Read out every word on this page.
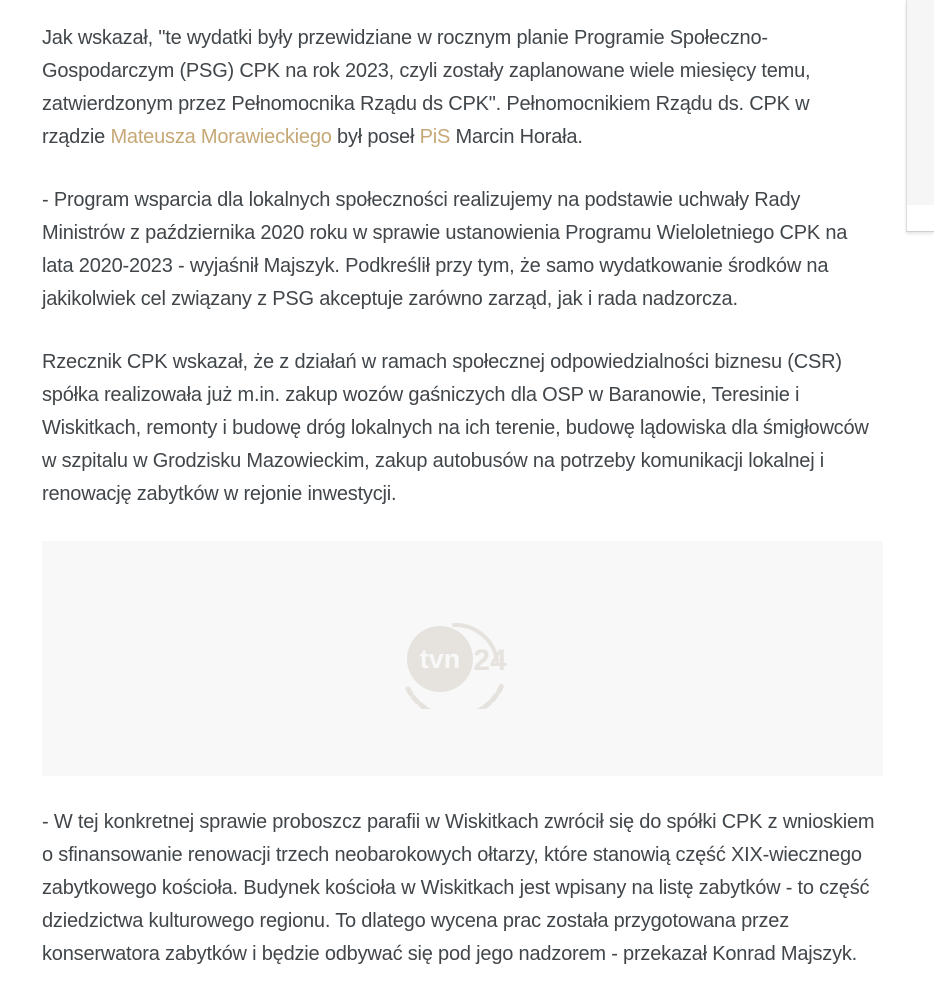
Jak wskazał, "te wydatki były przewidziane w rocznym planie Programie Społeczno-Gospodarczym (PSG) CPK na rok 2023, czyli zostały zaplanowane wiele miesięcy temu, zatwierdzonym przez Pełnomocnika Rządu ds CPK". Pełnomocnikiem Rządu ds. CPK w rządzie Mateusza Morawieckiego był poseł PiS Marcin Horała.

- Program wsparcia dla lokalnych społeczności realizujemy na podstawie uchwały Rady Ministrów z października 2020 roku w sprawie ustanowienia Programu Wieloletniego CPK na lata 2020-2023 - wyjaśnił Majszyk. Podkreślił przy tym, że samo wydatkowanie środków na jakikolwiek cel związany z PSG akceptuje zarówno zarząd, jak i rada nadzorcza.

Rzecznik CPK wskazał, że z działań w ramach społecznej odpowiedzialności biznesu (CSR) spółka realizowała już m.in. zakup wozów gaśniczych dla OSP w Baranowie, Teresinie i Wiskitkach, remonty i budowę dróg lokalnych na ich terenie, budowę lądowiska dla śmigłowców w szpitalu w Grodzisku Mazowieckim, zakup autobusów na potrzeby komunikacji lokalnej i renowację zabytków w rejonie inwestycji.

tvn 24

- W tej konkretnej sprawie proboszcz parafii w Wiskitkach zwrócił się do spółki CPK z wnioskiem o sfinansowanie renowacji trzech neobarokowych ołtarzy, które stanowią część XIX-wiecznego zabytkowego kościoła. Budynek kościoła w Wiskitkach jest wpisany na listę zabytków - to część dziedzictwa kulturowego regionu. To dlatego wycena prac została przygotowana przez konserwatora zabytków i będzie odbywać się pod jego nadzorem - przekazał Konrad Majszyk.
